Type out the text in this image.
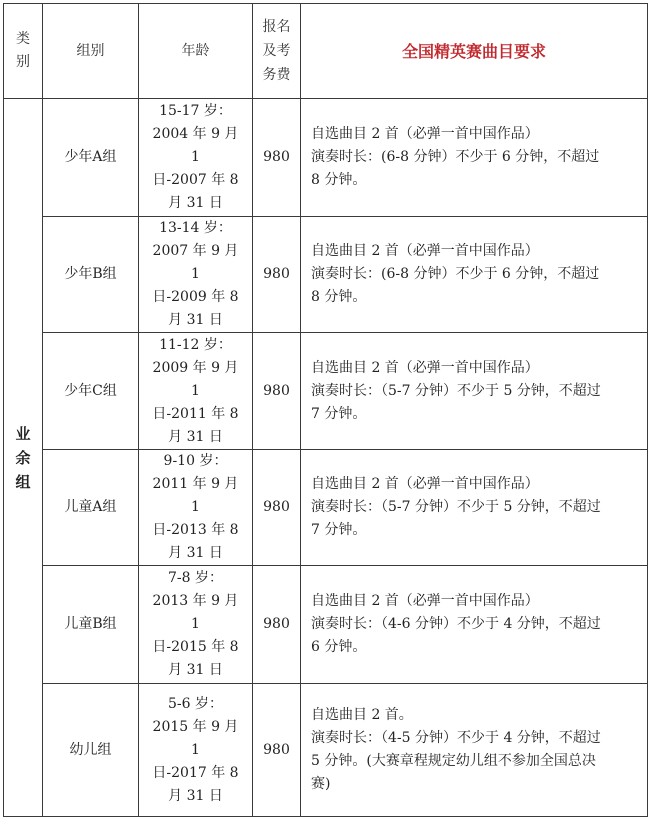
类别	组别	年龄	报名
及考
务费	全国精英赛曲目要求
业余组	少年A组	15-17 岁：
2004 年 9 月 1
日-2007 年 8
月 31 日	980	自选曲目 2 首（必弹一首中国作品）
演奏时长：(6-8 分钟）不少于 6 分钟，不超过
8 分钟。

	少年B组	13-14 岁：
2007 年 9 月 1
日-2009 年 8
月 31 日	980	自选曲目 2 首（必弹一首中国作品）
演奏时长：(6-8 分钟）不少于 6 分钟，不超过
8 分钟。

	少年C组	11-12 岁：
2009 年 9 月 1
日-2011 年 8
月 31 日	980	自选曲目 2 首（必弹一首中国作品）
演奏时长：（5-7 分钟）不少于 5 分钟，不超过
7 分钟。

	儿童A组	9-10 岁：
2011 年 9 月 1
日-2013 年 8
月 31 日	980	自选曲目 2 首（必弹一首中国作品）
演奏时长：（5-7 分钟）不少于 5 分钟，不超过
7 分钟。

	儿童B组	7-8 岁：
2013 年 9 月 1
日-2015 年 8
月 31 日	980	自选曲目 2 首（必弹一首中国作品）
演奏时长：（4-6 分钟）不少于 4 分钟，不超过
6 分钟。

	幼儿组	5-6 岁：
2015 年 9 月 1
日-2017 年 8
月 31 日	980	自选曲目 2 首。
演奏时长：（4-5 分钟）不少于 4 分钟，不超过
5 分钟。(大赛章程规定幼儿组不参加全国总决
赛)
